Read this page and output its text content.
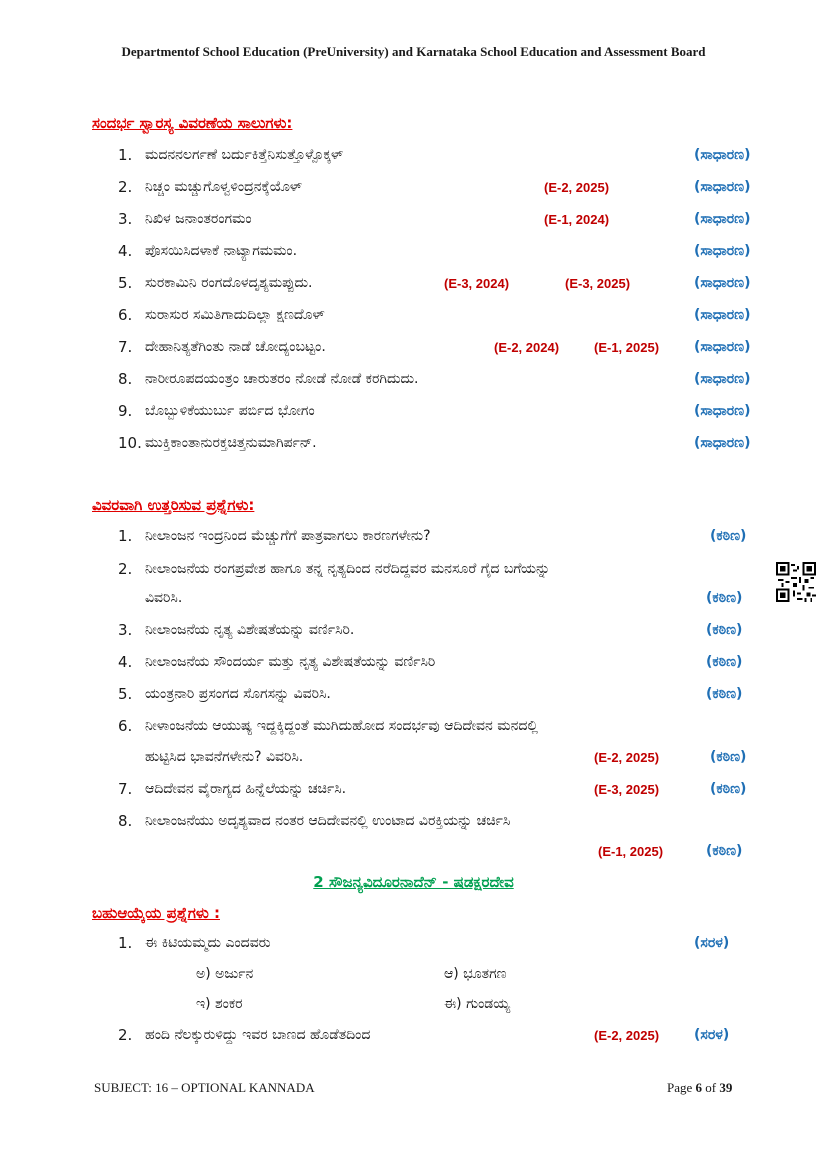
Departmentof School Education (PreUniversity) and Karnataka School Education and Assessment Board
ಸಂದರ್ಭ ಸ್ವಾರಸ್ಯ ವಿವರಣೆಯ ಸಾಲುಗಳು:
1. ಮದನನಲರ್ಗಣೆ ಬರ್ದುಕಿತ್ತೆನಿಸುತ್ತೊಳ್ಪೊಕ್ಕಳ್	(ಸಾಧಾರಣ)
2. ನಿಚ್ಚಂ ಮಚ್ಚುಗೊಳ್ವಳಿಂದ್ರನಕ್ಕೆಯೊಳ್	(E-2, 2025)	(ಸಾಧಾರಣ)
3. ನಿಖಿಳ ಜನಾಂತರಂಗಮಂ	(E-1, 2024)	(ಸಾಧಾರಣ)
4. ಪೊಸಯಿಸಿದಳಾಕೆ ನಾಟ್ಯಾಗಮಮಂ.	(ಸಾಧಾರಣ)
5. ಸುರಕಾಮಿನಿ ರಂಗದೊಳದೃಶ್ಯಮಪ್ಪುದು.	(E-3, 2024)	(E-3, 2025)	(ಸಾಧಾರಣ)
6. ಸುರಾಸುರ ಸಮಿತಿಗಾದುದಿಲ್ಲಾ ಕ್ಷಣದೊಳ್	(ಸಾಧಾರಣ)
7. ದೇಹಾನಿತ್ಯತೆಗಿಂತು ನಾಡೆ ಚೋದ್ಯಂಬಟ್ಟಂ.	(E-2, 2024)	(E-1, 2025) (ಸಾಧಾರಣ)
8. ನಾರೀರೂಪದಯಂತ್ರಂ ಚಾರುತರಂ ನೋಡೆ ನೋಡೆ ಕರಗಿದುದು.	(ಸಾಧಾರಣ)
9. ಬೊಬ್ಬುಳಿಕೆಯುರ್ಬು ಪರ್ಬಿದ ಭೋಗಂ	(ಸಾಧಾರಣ)
10. ಮುಕ್ತಿಕಾಂತಾನುರಕ್ತಚಿತ್ತನುಮಾಗಿರ್ಪನ್.	(ಸಾಧಾರಣ)
ವಿವರವಾಗಿ ಉತ್ತರಿಸುವ ಪ್ರಶ್ನೆಗಳು:
1. ನೀಲಾಂಜನ ಇಂದ್ರನಿಂದ ಮೆಚ್ಚುಗೆಗೆ ಪಾತ್ರವಾಗಲು ಕಾರಣಗಳೇನು?	(ಕಠಿಣ)
2. ನೀಲಾಂಜನೆಯ ರಂಗಪ್ರವೇಶ ಹಾಗೂ ತನ್ನ ನೃತ್ಯದಿಂದ ನರೆದಿದ್ದವರ ಮನಸೂರೆ ಗೈದ ಬಗೆಯನ್ನು
ವಿವರಿಸಿ.	(ಕಠಿಣ)
3. ನೀಲಾಂಜನೆಯ ನೃತ್ಯ ವಿಶೇಷತೆಯನ್ನು ವರ್ಣಿಸಿರಿ.	(ಕಠಿಣ)
4. ನೀಲಾಂಜನೆಯ ಸೌಂದರ್ಯ ಮತ್ತು ನೃತ್ಯ ವಿಶೇಷತೆಯನ್ನು ವರ್ಣಿಸಿರಿ	(ಕಠಿಣ)
5. ಯಂತ್ರನಾರಿ ಪ್ರಸಂಗದ ಸೊಗಸನ್ನು ವಿವರಿಸಿ.	(ಕಠಿಣ)
6. ನೀಳಾಂಜನೆಯ ಆಯುಷ್ಯ ಇದ್ದಕ್ಕಿದ್ದಂತೆ ಮುಗಿದುಹೋದ ಸಂದರ್ಭವು ಆದಿದೇವನ ಮನದಲ್ಲಿ
ಹುಟ್ಟಿಸಿದ ಭಾವನೆಗಳೇನು? ವಿವರಿಸಿ.	(E-2, 2025)	(ಕಠಿಣ)
7. ಆದಿದೇವನ ವೈರಾಗ್ಯದ ಹಿನ್ನೆಲೆಯನ್ನು ಚರ್ಚಿಸಿ.	(E-3, 2025)	(ಕಠಿಣ)
8. ನೀಲಾಂಜನೆಯು ಅದೃಶ್ಯವಾದ ನಂತರ ಆದಿದೇವನಲ್ಲಿ ಉಂಟಾದ ವಿರಕ್ತಿಯನ್ನು ಚರ್ಚಿಸಿ
(E-1, 2025)	(ಕಠಿಣ)
2 ಸೌಜನ್ಯವಿದೂರನಾದೆನ್ - ಷಡಕ್ಷರದೇವ
ಬಹುಆಯ್ಕೆಯ ಪ್ರಶ್ನೆಗಳು :
1. ಈ ಕಿಟಿಯಮ್ಮದು ಎಂದವರು	(ಸರಳ)
ಅ) ಅರ್ಜುನ	ಆ) ಭೂತಗಣ
ಇ) ಶಂಕರ	ಈ) ಗುಂಡಯ್ಯ
2. ಹಂದಿ ನೆಲಕ್ಕುರುಳಿದ್ದು ಇವರ ಬಾಣದ ಹೊಡೆತದಿಂದ	(E-2, 2025) (ಸರಳ)
SUBJECT: 16 – OPTIONAL KANNADA	Page 6 of 39
